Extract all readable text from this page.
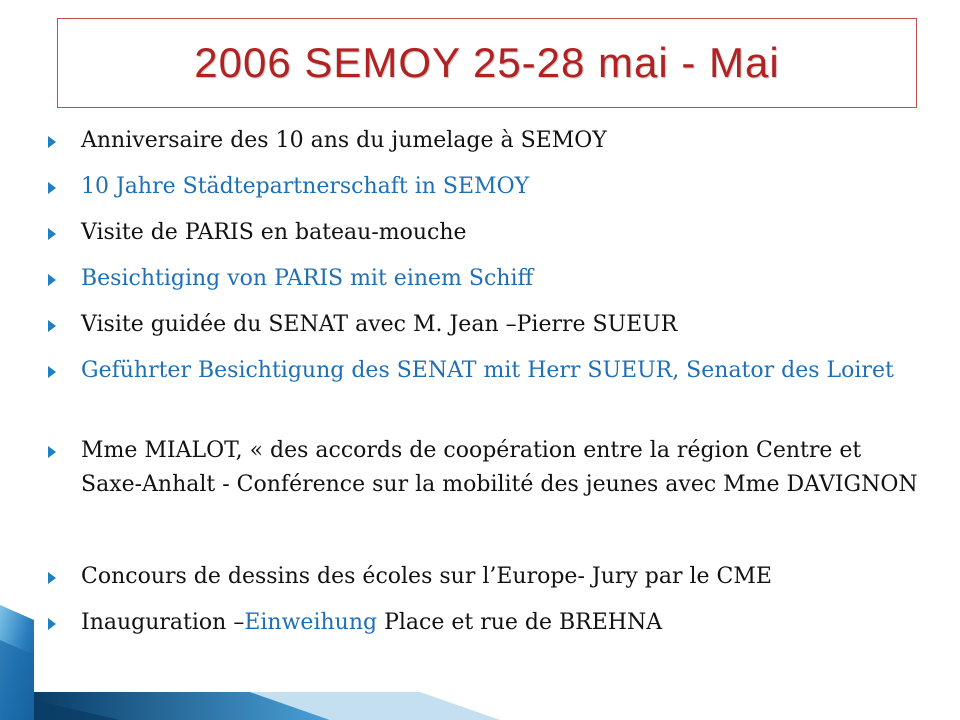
2006 SEMOY 25-28 mai - Mai
Anniversaire des 10 ans du jumelage à SEMOY
10 Jahre Städtepartnerschaft in SEMOY
Visite de PARIS en bateau-mouche
Besichtiging von PARIS mit einem Schiff
Visite guidée du SENAT avec M. Jean –Pierre SUEUR
Geführter Besichtigung des SENAT mit Herr SUEUR, Senator des Loiret
Mme MIALOT, « des accords de coopération entre la région Centre et Saxe-Anhalt - Conférence sur la mobilité des jeunes avec Mme DAVIGNON
Concours de dessins des écoles sur l’Europe- Jury par le CME
Inauguration –Einweihung Place et rue de BREHNA
